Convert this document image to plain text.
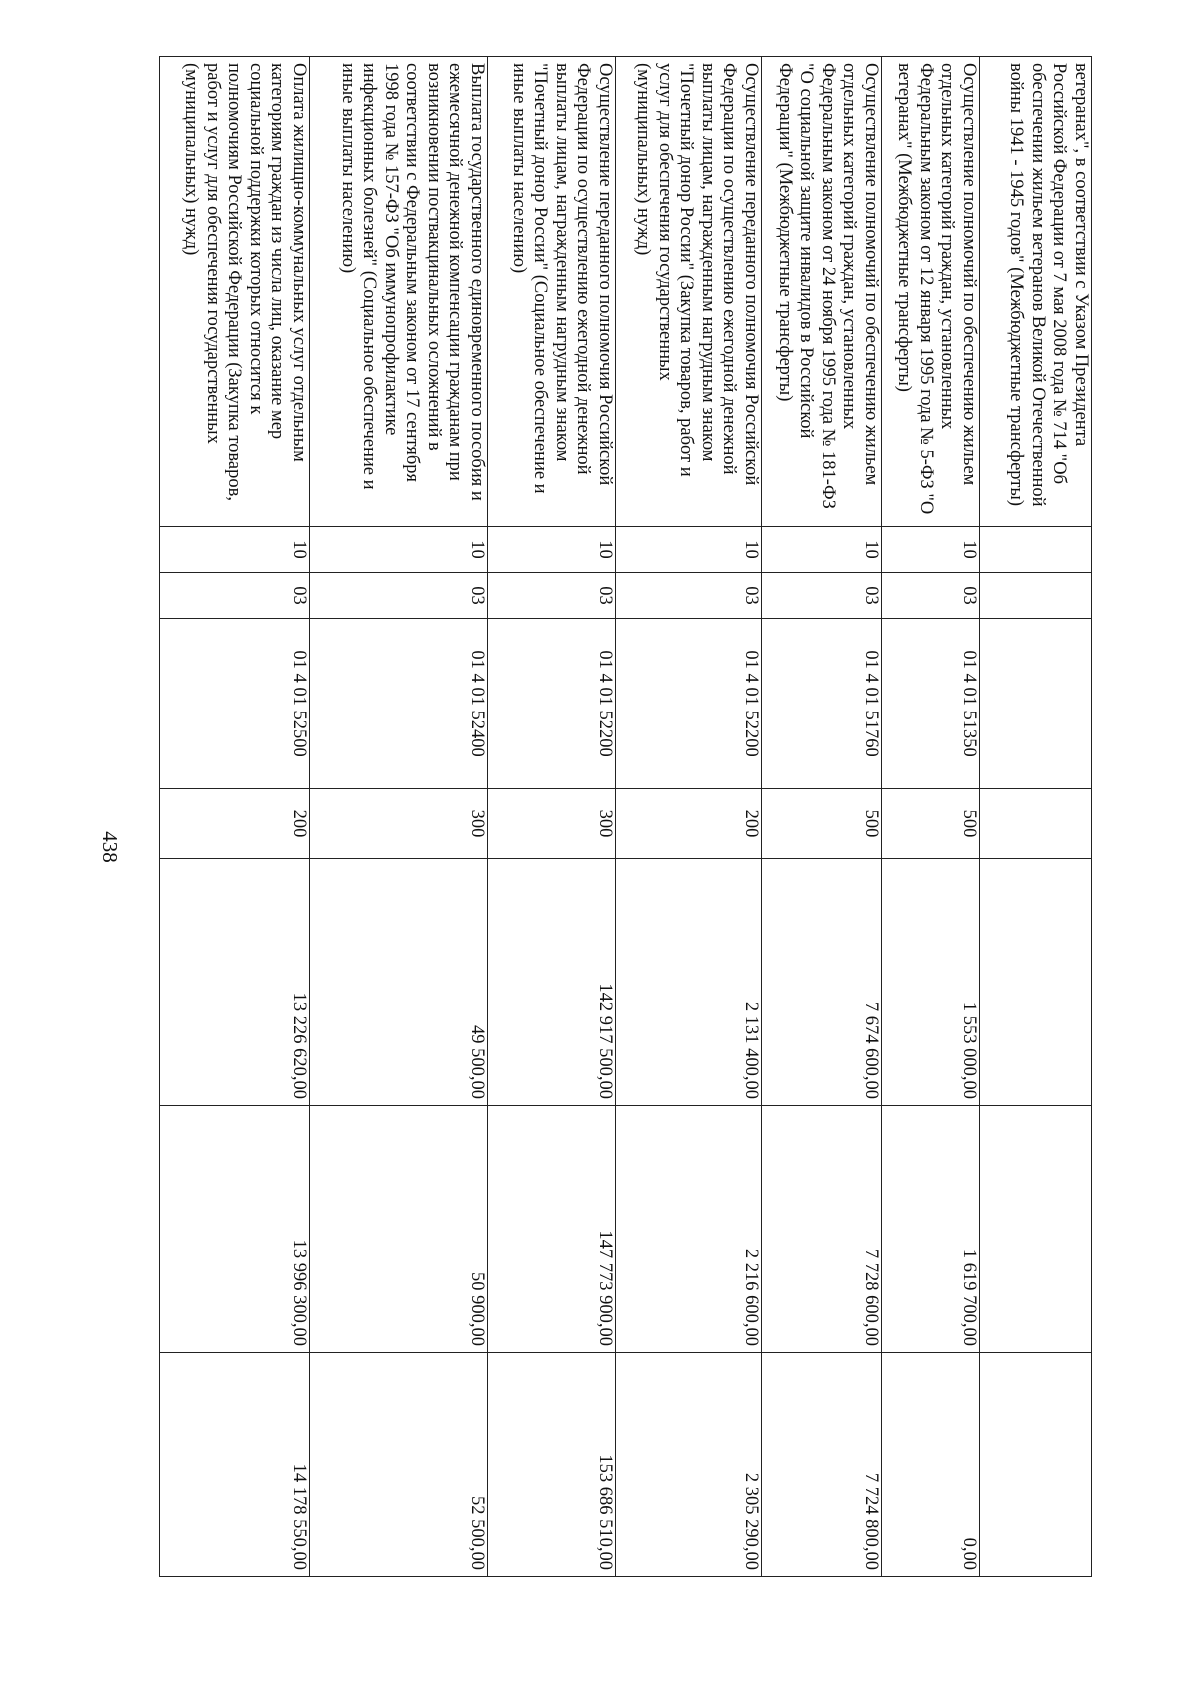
438
ветеранах", в соответствии с Указом Президента Российской Федерации от 7 мая 2008 года № 714 "Об обеспечении жильем ветеранов Великой Отечественной войны 1941 - 1945 годов" (Межбюджетные трансферты)							
Осуществление полномочий по обеспечению жильем отдельных категорий граждан, установленных Федеральным законом от 12 января 1995 года № 5-ФЗ "О ветеранах" (Межбюджетные трансферты)	10	03	01 4 01 51350	500	1 553 000,00	1 619 700,00	0,00
Осуществление полномочий по обеспечению жильем отдельных категорий граждан, установленных Федеральным законом от 24 ноября 1995 года № 181-ФЗ "О социальной защите инвалидов в Российской Федерации" (Межбюджетные трансферты)	10	03	01 4 01 51760	500	7 674 600,00	7 728 600,00	7 724 800,00
Осуществление переданного полномочия Российской Федерации по осуществлению ежегодной денежной выплаты лицам, награжденным нагрудным знаком "Почетный донор России" (Закупка товаров, работ и услуг для обеспечения государственных (муниципальных) нужд)	10	03	01 4 01 52200	200	2 131 400,00	2 216 600,00	2 305 290,00
Осуществление переданного полномочия Российской Федерации по осуществлению ежегодной денежной выплаты лицам, награжденным нагрудным знаком "Почетный донор России" (Социальное обеспечение и иные выплаты населению)	10	03	01 4 01 52200	300	142 917 500,00	147 773 900,00	153 686 510,00
Выплата государственного единовременного пособия и ежемесячной денежной компенсации гражданам при возникновении поствакцинальных осложнений в соответствии с Федеральным законом от 17 сентября 1998 года № 157-ФЗ "Об иммунопрофилактике инфекционных болезней" (Социальное обеспечение и иные выплаты населению)	10	03	01 4 01 52400	300	49 500,00	50 900,00	52 500,00
Оплата жилищно-коммунальных услуг отдельным категориям граждан из числа лиц, оказание мер социальной поддержки которых относится к полномочиям Российской Федерации (Закупка товаров, работ и услуг для обеспечения государственных (муниципальных) нужд)	10	03	01 4 01 52500	200	13 226 620,00	13 996 300,00	14 178 550,00
